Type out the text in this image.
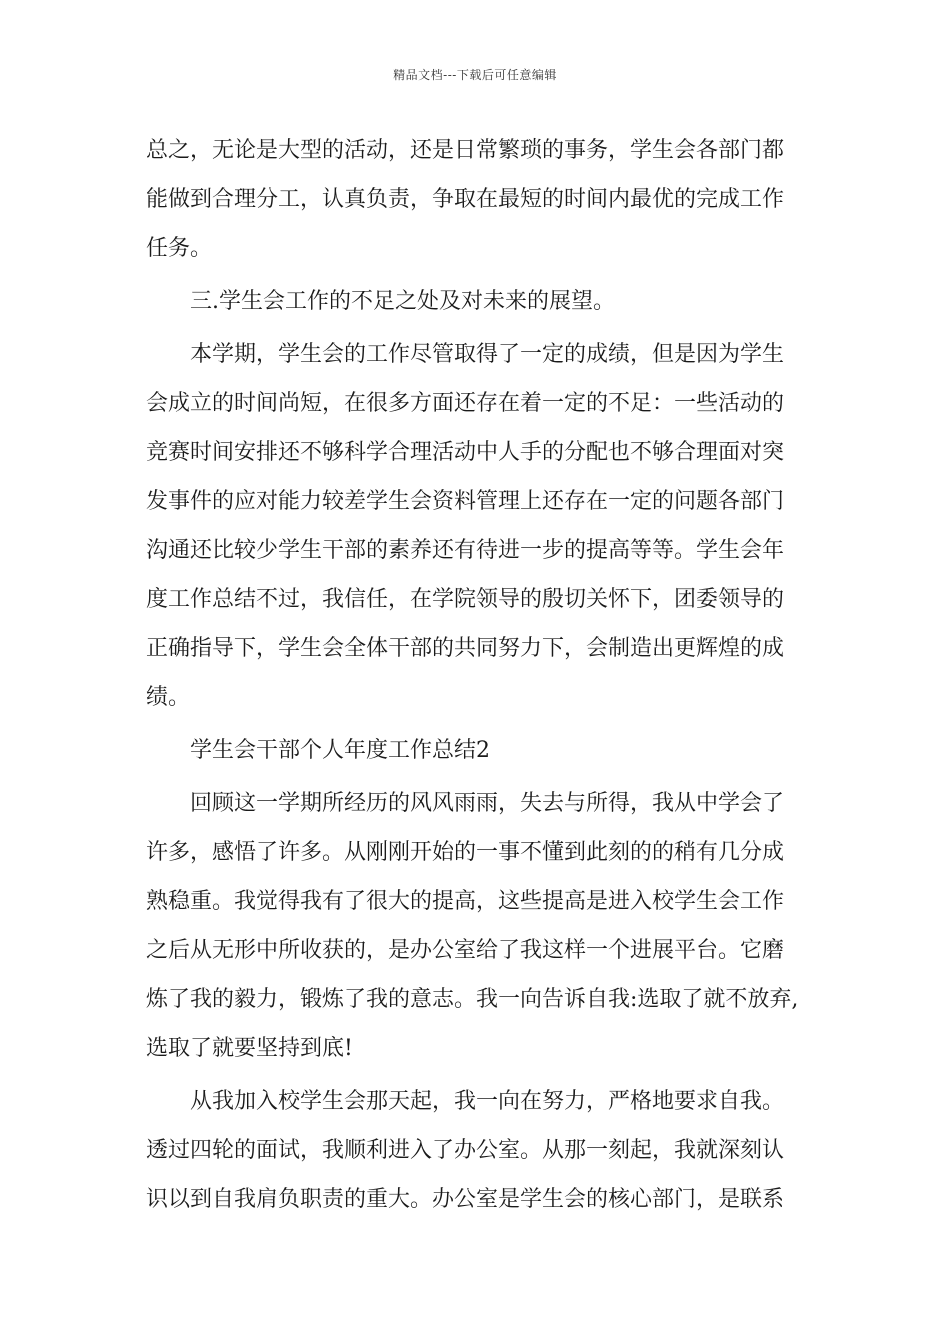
精品文档---下载后可任意编辑
总之，无论是大型的活动，还是日常繁琐的事务，学生会各部门都
能做到合理分工，认真负责，争取在最短的时间内最优的完成工作
任务。
三.学生会工作的不足之处及对未来的展望。
本学期，学生会的工作尽管取得了一定的成绩，但是因为学生
会成立的时间尚短，在很多方面还存在着一定的不足：一些活动的
竞赛时间安排还不够科学合理活动中人手的分配也不够合理面对突
发事件的应对能力较差学生会资料管理上还存在一定的问题各部门
沟通还比较少学生干部的素养还有待进一步的提高等等。学生会年
度工作总结不过，我信任，在学院领导的殷切关怀下，团委领导的
正确指导下，学生会全体干部的共同努力下，会制造出更辉煌的成
绩。
学生会干部个人年度工作总结2
回顾这一学期所经历的风风雨雨，失去与所得，我从中学会了
许多，感悟了许多。从刚刚开始的一事不懂到此刻的的稍有几分成
熟稳重。我觉得我有了很大的提高，这些提高是进入校学生会工作
之后从无形中所收获的，是办公室给了我这样一个进展平台。它磨
炼了我的毅力，锻炼了我的意志。我一向告诉自我:选取了就不放弃,
选取了就要坚持到底!
从我加入校学生会那天起，我一向在努力，严格地要求自我。
透过四轮的面试，我顺利进入了办公室。从那一刻起，我就深刻认
识以到自我肩负职责的重大。办公室是学生会的核心部门，是联系
